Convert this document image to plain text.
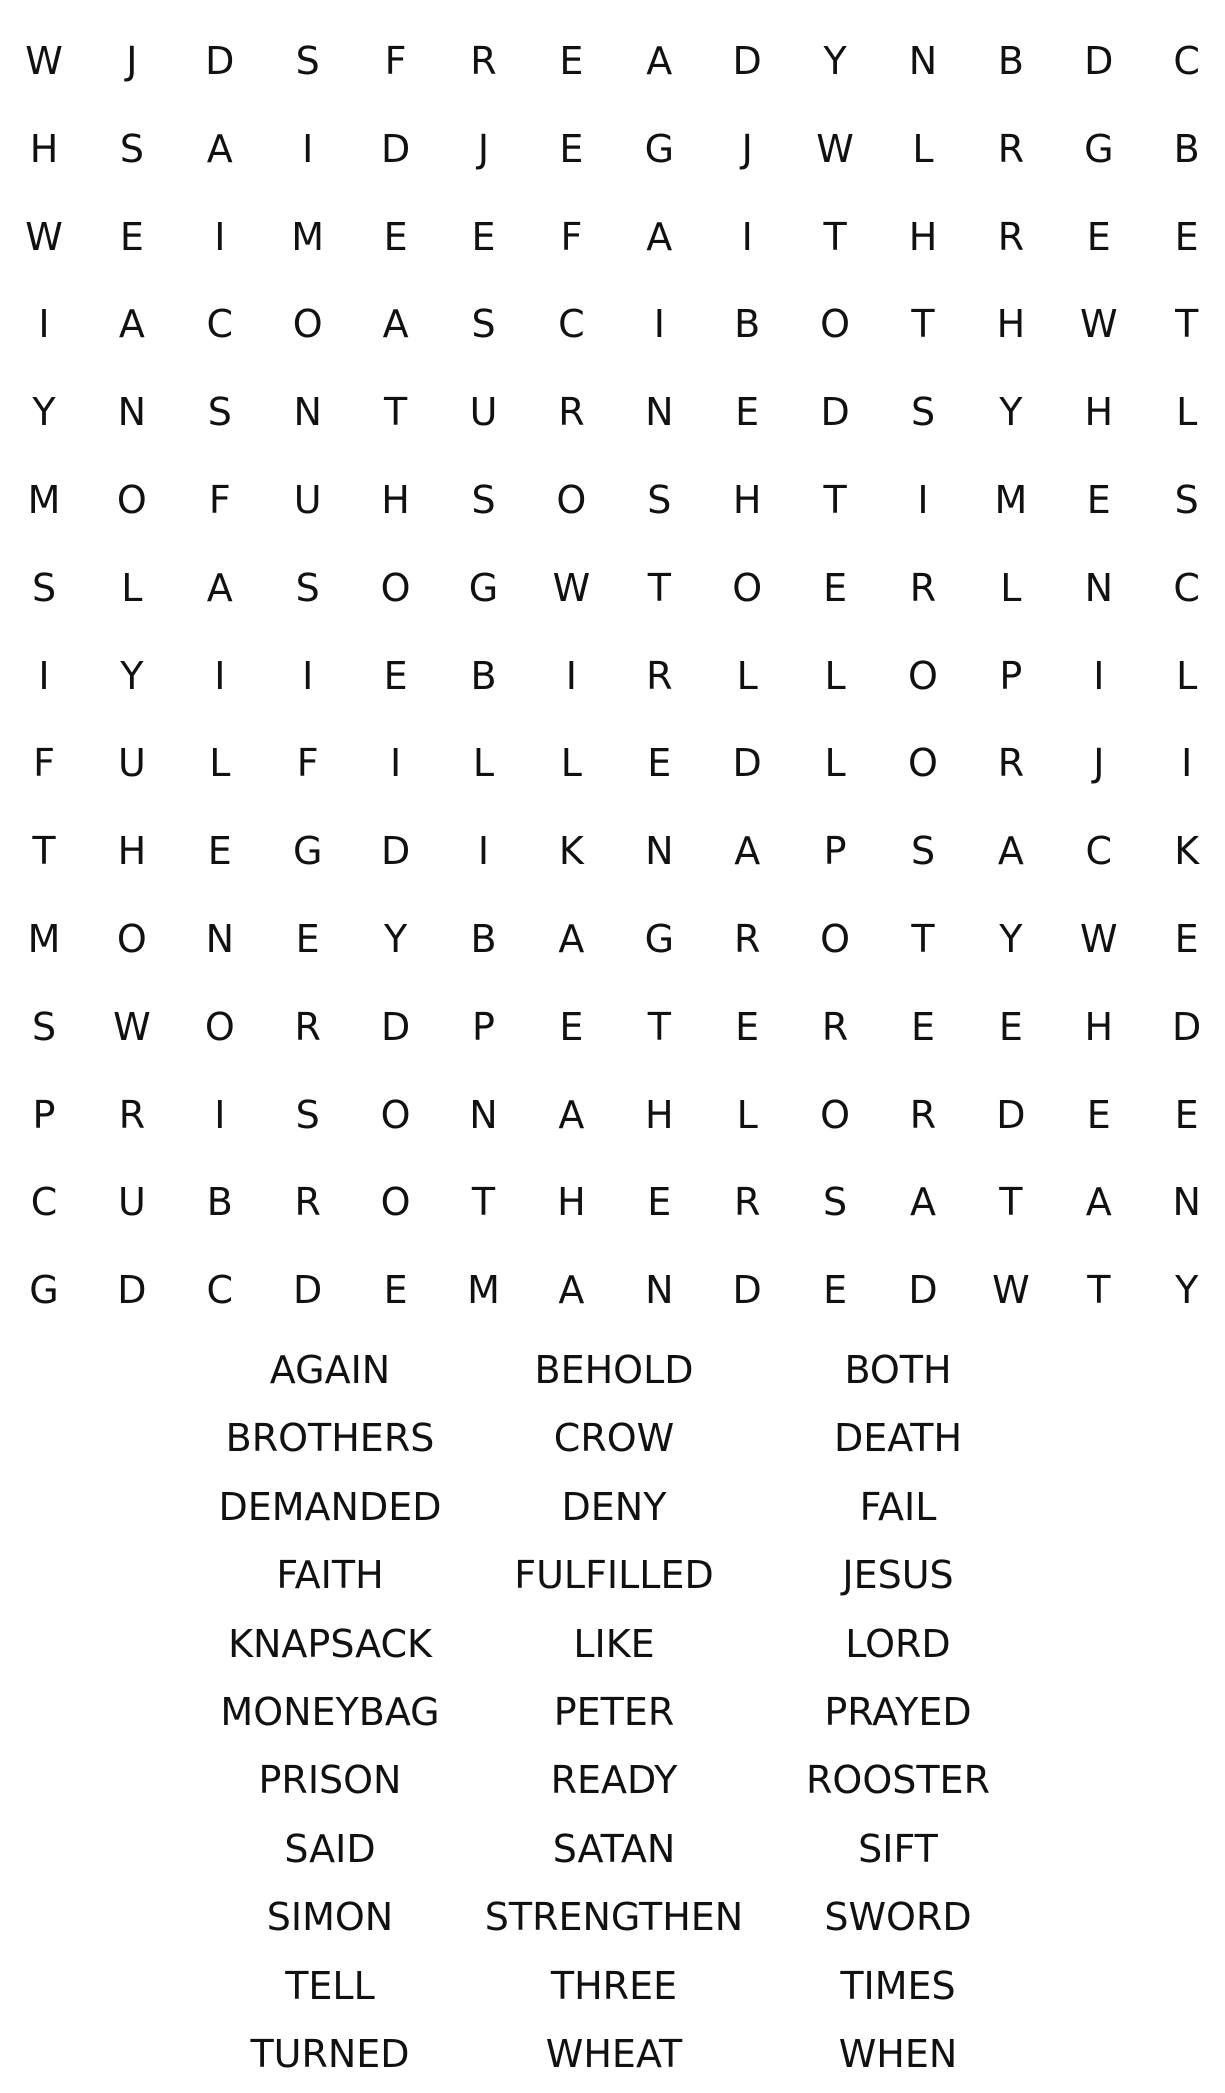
W	J	D	S	F	R	E	A	D	Y	N	B	D	C
H	S	A	I	D	J	E	G	J	W	L	R	G	B
W	E	I	M	E	E	F	A	I	T	H	R	E	E
I	A	C	O	A	S	C	I	B	O	T	H	W	T
Y	N	S	N	T	U	R	N	E	D	S	Y	H	L
M	O	F	U	H	S	O	S	H	T	I	M	E	S
S	L	A	S	O	G	W	T	O	E	R	L	N	C
I	Y	I	I	E	B	I	R	L	L	O	P	I	L
F	U	L	F	I	L	L	E	D	L	O	R	J	I
T	H	E	G	D	I	K	N	A	P	S	A	C	K
M	O	N	E	Y	B	A	G	R	O	T	Y	W	E
S	W	O	R	D	P	E	T	E	R	E	E	H	D
P	R	I	S	O	N	A	H	L	O	R	D	E	E
C	U	B	R	O	T	H	E	R	S	A	T	A	N
G	D	C	D	E	M	A	N	D	E	D	W	T	Y
AGAIN	BEHOLD	BOTH
BROTHERS	CROW	DEATH
DEMANDED	DENY	FAIL
FAITH	FULFILLED	JESUS
KNAPSACK	LIKE	LORD
MONEYBAG	PETER	PRAYED
PRISON	READY	ROOSTER
SAID	SATAN	SIFT
SIMON	STRENGTHEN	SWORD
TELL	THREE	TIMES
TURNED	WHEAT	WHEN
